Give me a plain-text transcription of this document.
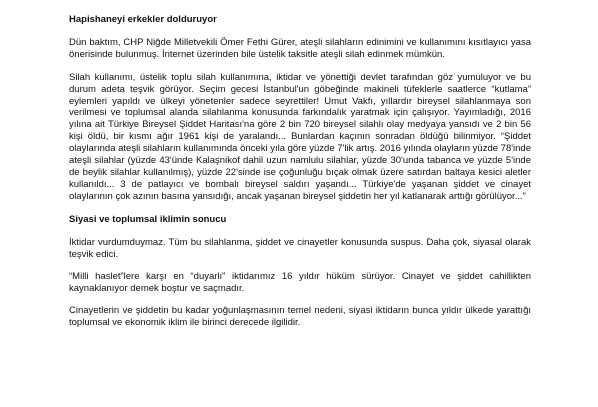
Hapishaneyi erkekler dolduruyor

Dün baktım, CHP Niğde Milletvekili Ömer Fethi Gürer, ateşli silahların edinimini ve kullanımını kısıtlayıcı yasa önerisinde bulunmuş. İnternet üzerinden bile üstelik taksitle ateşli silah edinmek mümkün.

Silah kullanımı, üstelik toplu silah kullanımına, iktidar ve yönettiği devlet tarafından göz yumuluyor ve bu durum adeta teşvik görüyor. Seçim gecesi İstanbul'un göbeğinde makineli tüfeklerle saatlerce “kutlama” eylemleri yapıldı ve ülkeyi yönetenler sadece seyrettiler! Umut Vakfı, yıllardır bireysel silahlanmaya son verilmesi ve toplumsal alanda silahlanma konusunda farkındalık yaratmak için çalışıyor. Yayımladığı, 2016 yılına ait Türkiye Bireysel Şiddet Haritası'na göre 2 bin 720 bireysel silahlı olay medyaya yansıdı ve 2 bin 56 kişi öldü, bir kısmı ağır 1961 kişi de yaralandı... Bunlardan kaçının sonradan öldüğü bilinmiyor. “Şiddet olaylarında ateşli silahların kullanımında önceki yıla göre yüzde 7'lik artış. 2016 yılında olayların yüzde 78'inde ateşli silahlar (yüzde 43'ünde Kalaşnikof dahil uzun namlulu silahlar, yüzde 30'unda tabanca ve yüzde 5'inde de beylik silahlar kullanılmış), yüzde 22'sinde ise çoğunluğu bıçak olmak üzere satırdan baltaya kesici aletler kullanıldı... 3 de patlayıcı ve bombalı bireysel saldırı yaşandı... Türkiye'de yaşanan şiddet ve cinayet olaylarının çok azının basına yansıdığı, ancak yaşanan bireysel şiddetin her yıl katlanarak arttığı görülüyor...”

Siyasi ve toplumsal iklimin sonucu

İktidar vurdumduymaz. Tüm bu silahlanma, şiddet ve cinayetler konusunda suspus. Daha çok, siyasal olarak teşvik edici.

“Milli haslet”lere karşı en “duyarlı” iktidarımız 16 yıldır hüküm sürüyor. Cinayet ve şiddet cahillikten kaynaklanıyor demek boştur ve saçmadır.

Cinayetlerin ve şiddetin bu kadar yoğunlaşmasının temel nedeni, siyasi iktidarın bunca yıldır ülkede yarattığı toplumsal ve ekonomik iklim ile birinci derecede ilgilidir.
